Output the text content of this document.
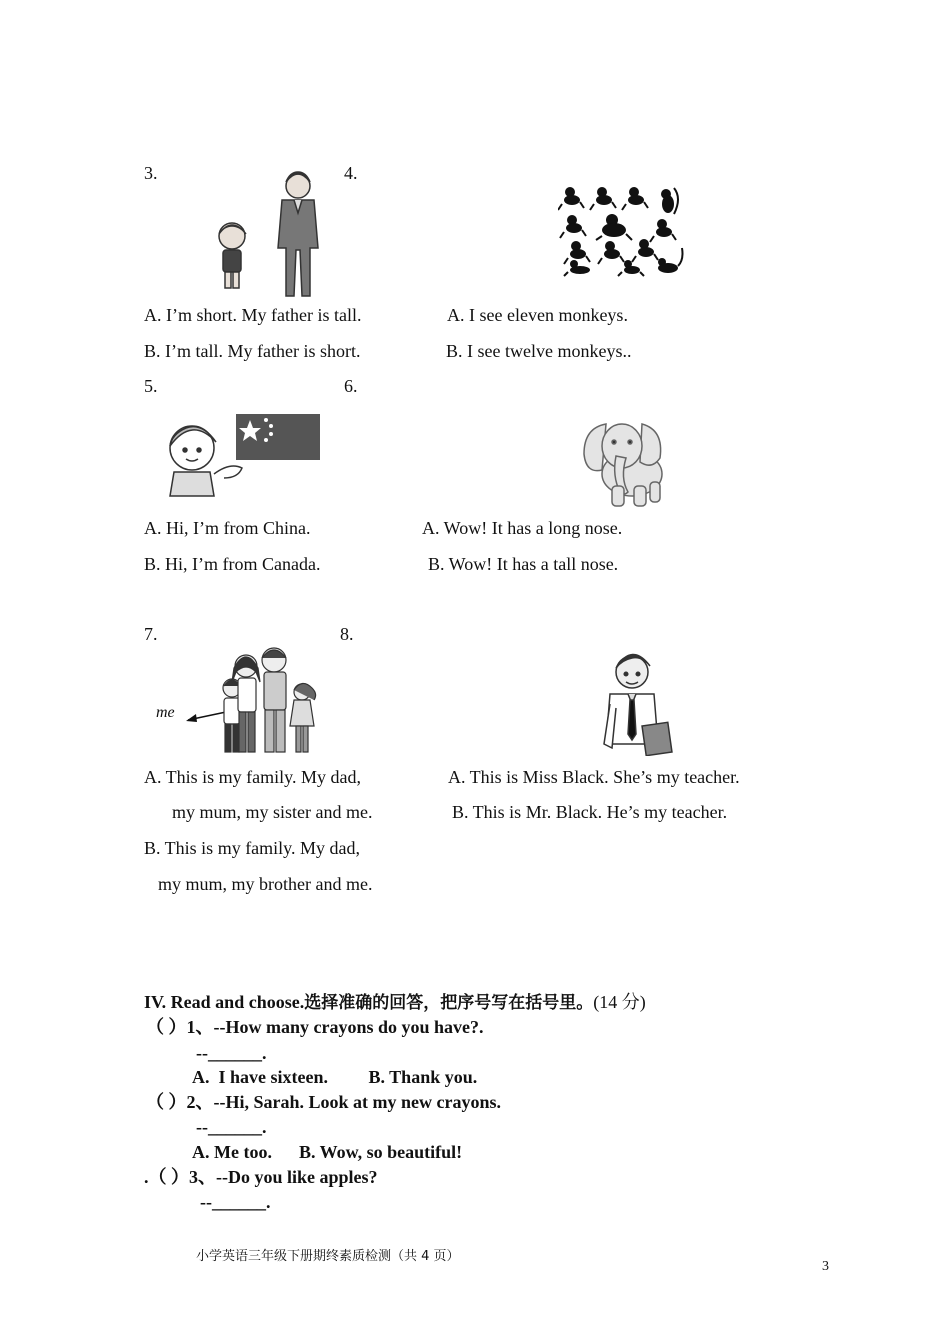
3.
A. I’m short. My father is tall.
B. I’m tall. My father is short.
4.
A. I see eleven monkeys.
B. I see twelve monkeys..
5.
A. Hi, I’m from China.
B. Hi, I’m from Canada.
6.
A. Wow! It has a long nose.
B. Wow! It has a tall nose.
7.
me
A. This is my family. My dad,
my mum, my sister and me.
B. This is my family. My dad,
my mum, my brother and me.
8.
A. This is Miss Black. She’s my teacher.
B. This is Mr. Black. He’s my teacher.
IV. Read and choose.选择准确的回答，把序号写在括号里。(14 分)
（ ）1、--How many crayons do you have?.
--______.
A.  I have sixteen.         B. Thank you.
（ ）2、--Hi, Sarah. Look at my new crayons.
--______.
A. Me too.      B. Wow, so beautiful!
.（ ）3、--Do you like apples?
--______.
小学英语三年级下册期终素质检测（共 4 页）
3
